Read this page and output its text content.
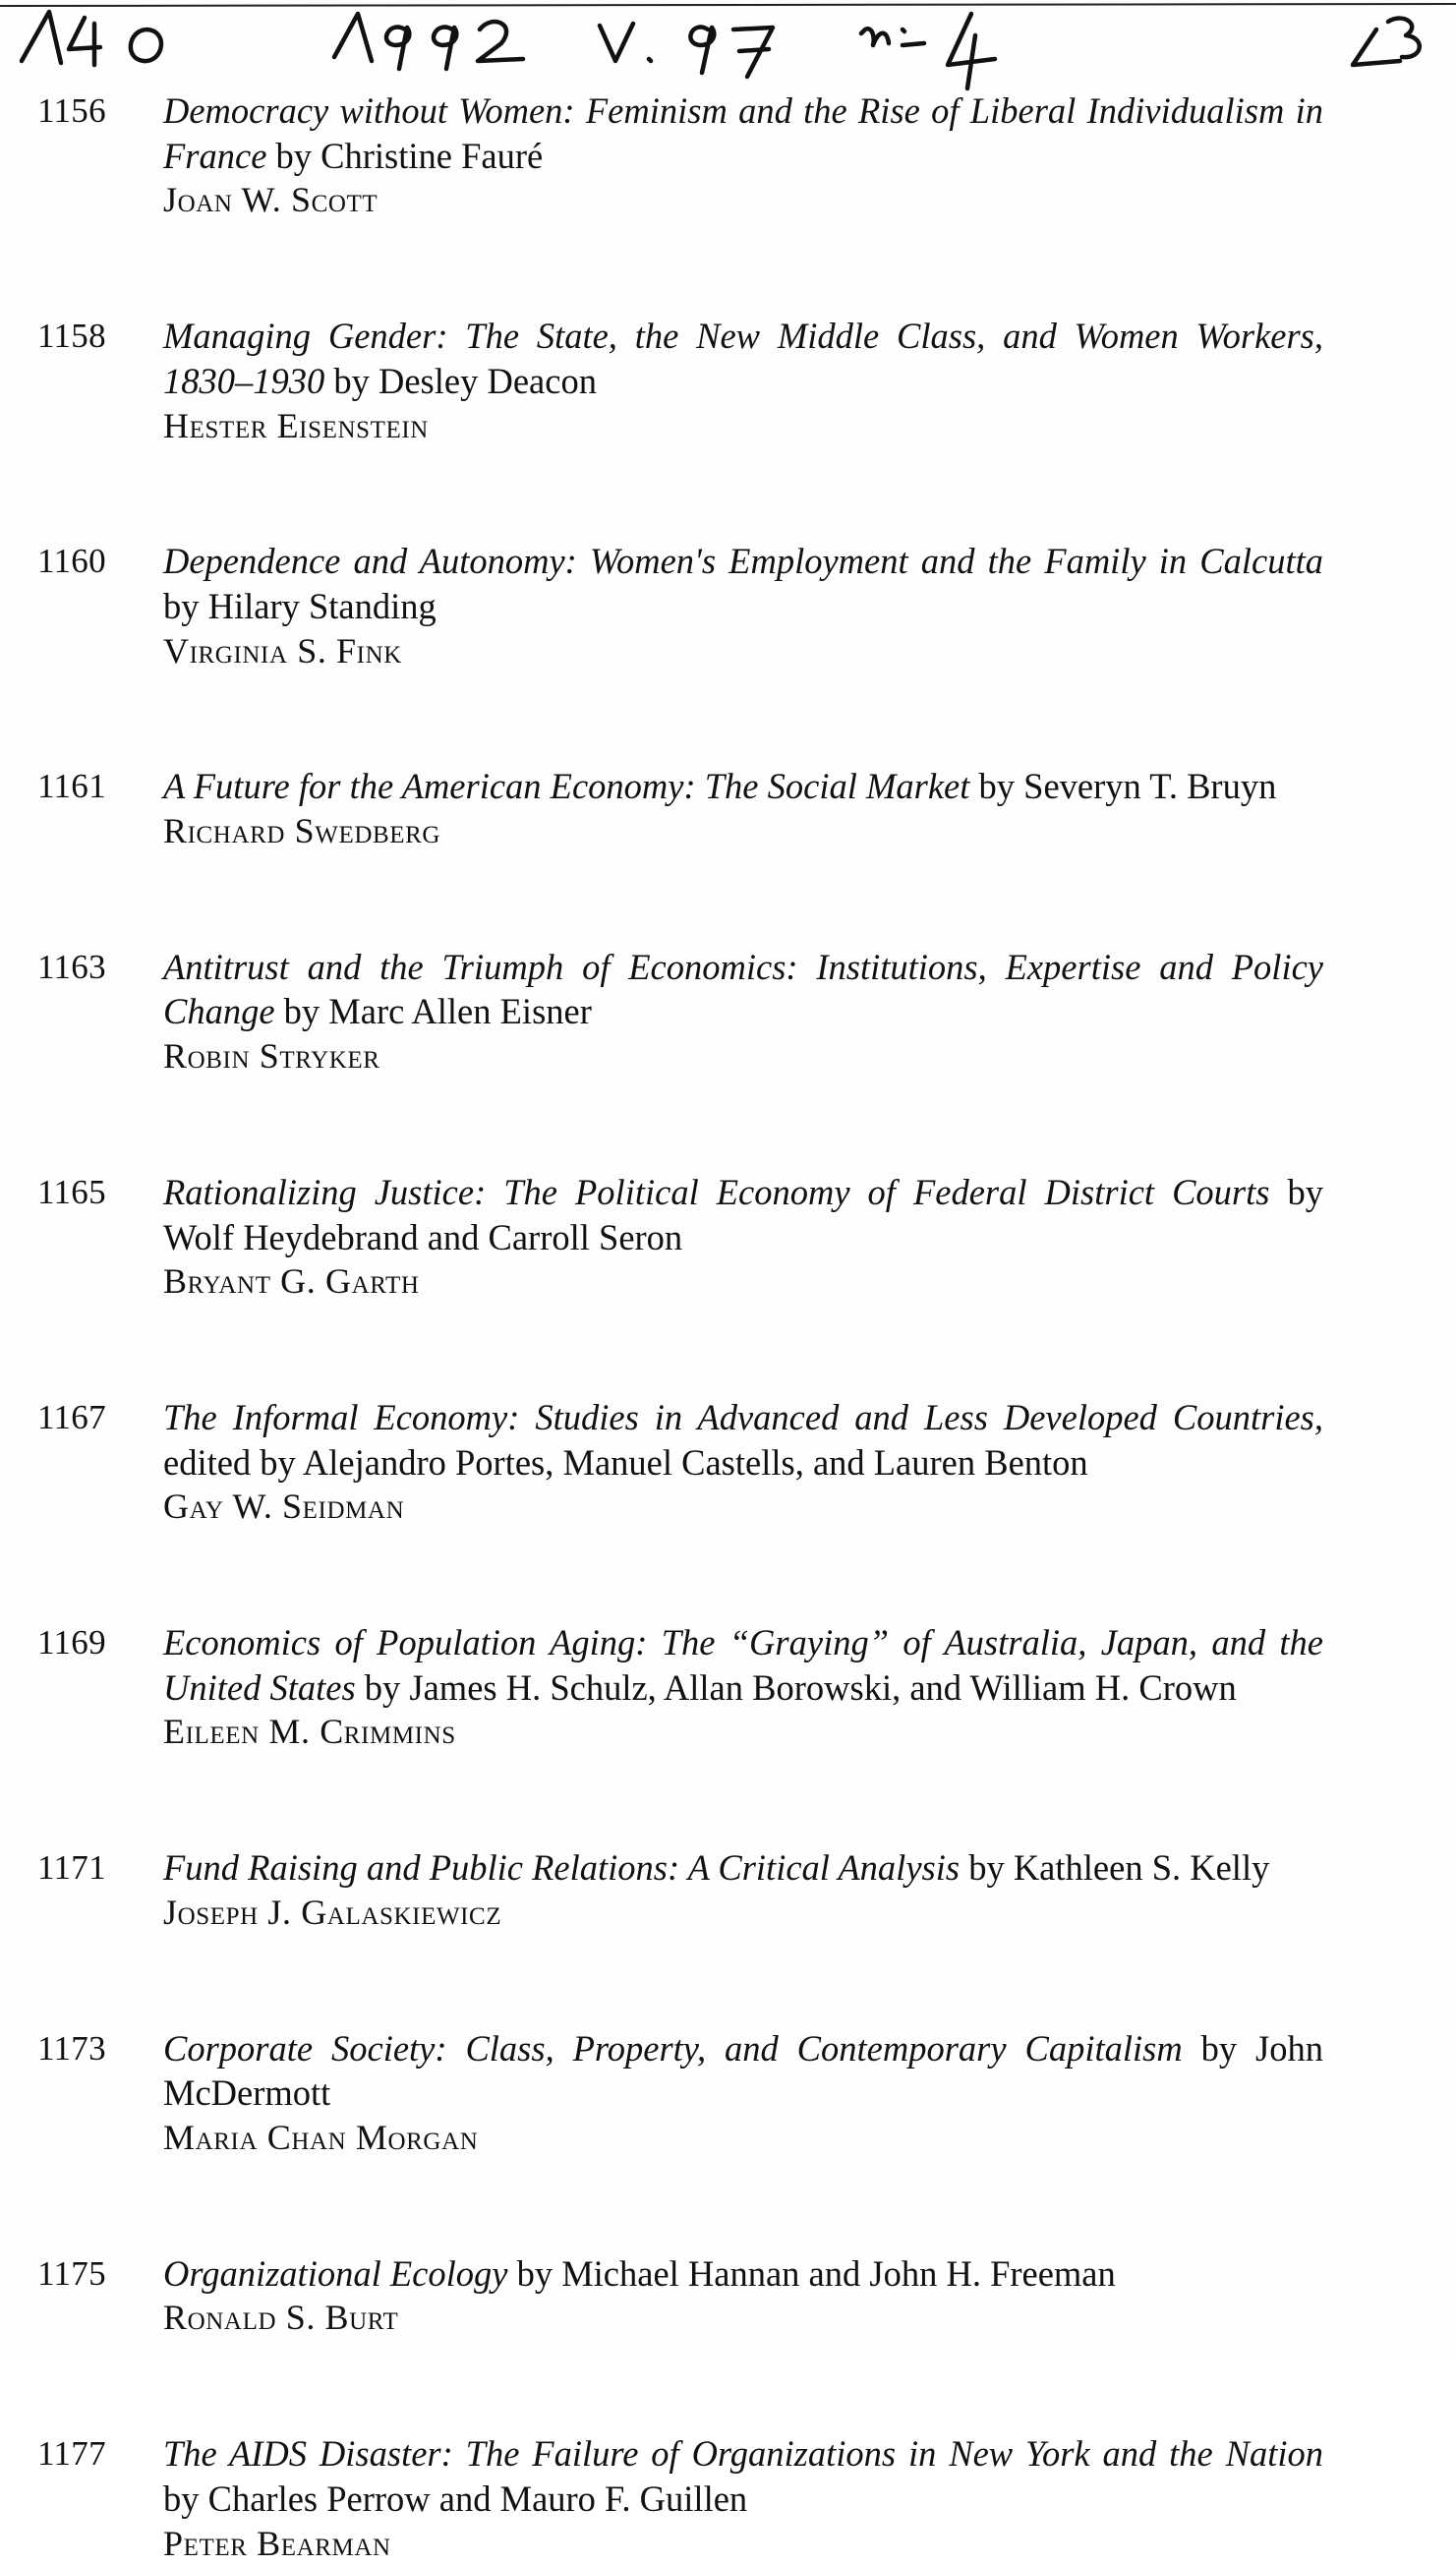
1156	Democracy without Women: Feminism and the Rise of Liberal Individualism in France by Christine Fauré
Joan W. Scott
1158	Managing Gender: The State, the New Middle Class, and Women Workers, 1830–1930 by Desley Deacon
Hester Eisenstein
1160	Dependence and Autonomy: Women's Employment and the Family in Calcutta by Hilary Standing
Virginia S. Fink
1161	A Future for the American Economy: The Social Market by Severyn T. Bruyn
Richard Swedberg
1163	Antitrust and the Triumph of Economics: Institutions, Expertise and Policy Change by Marc Allen Eisner
Robin Stryker
1165	Rationalizing Justice: The Political Economy of Federal District Courts by Wolf Heydebrand and Carroll Seron
Bryant G. Garth
1167	The Informal Economy: Studies in Advanced and Less Developed Countries, edited by Alejandro Portes, Manuel Castells, and Lauren Benton
Gay W. Seidman
1169	Economics of Population Aging: The “Graying” of Australia, Japan, and the United States by James H. Schulz, Allan Borowski, and William H. Crown
Eileen M. Crimmins
1171	Fund Raising and Public Relations: A Critical Analysis by Kathleen S. Kelly
Joseph J. Galaskiewicz
1173	Corporate Society: Class, Property, and Contemporary Capitalism by John McDermott
Maria Chan Morgan
1175	Organizational Ecology by Michael Hannan and John H. Freeman
Ronald S. Burt
1177	The AIDS Disaster: The Failure of Organizations in New York and the Nation by Charles Perrow and Mauro F. Guillen
Peter Bearman
